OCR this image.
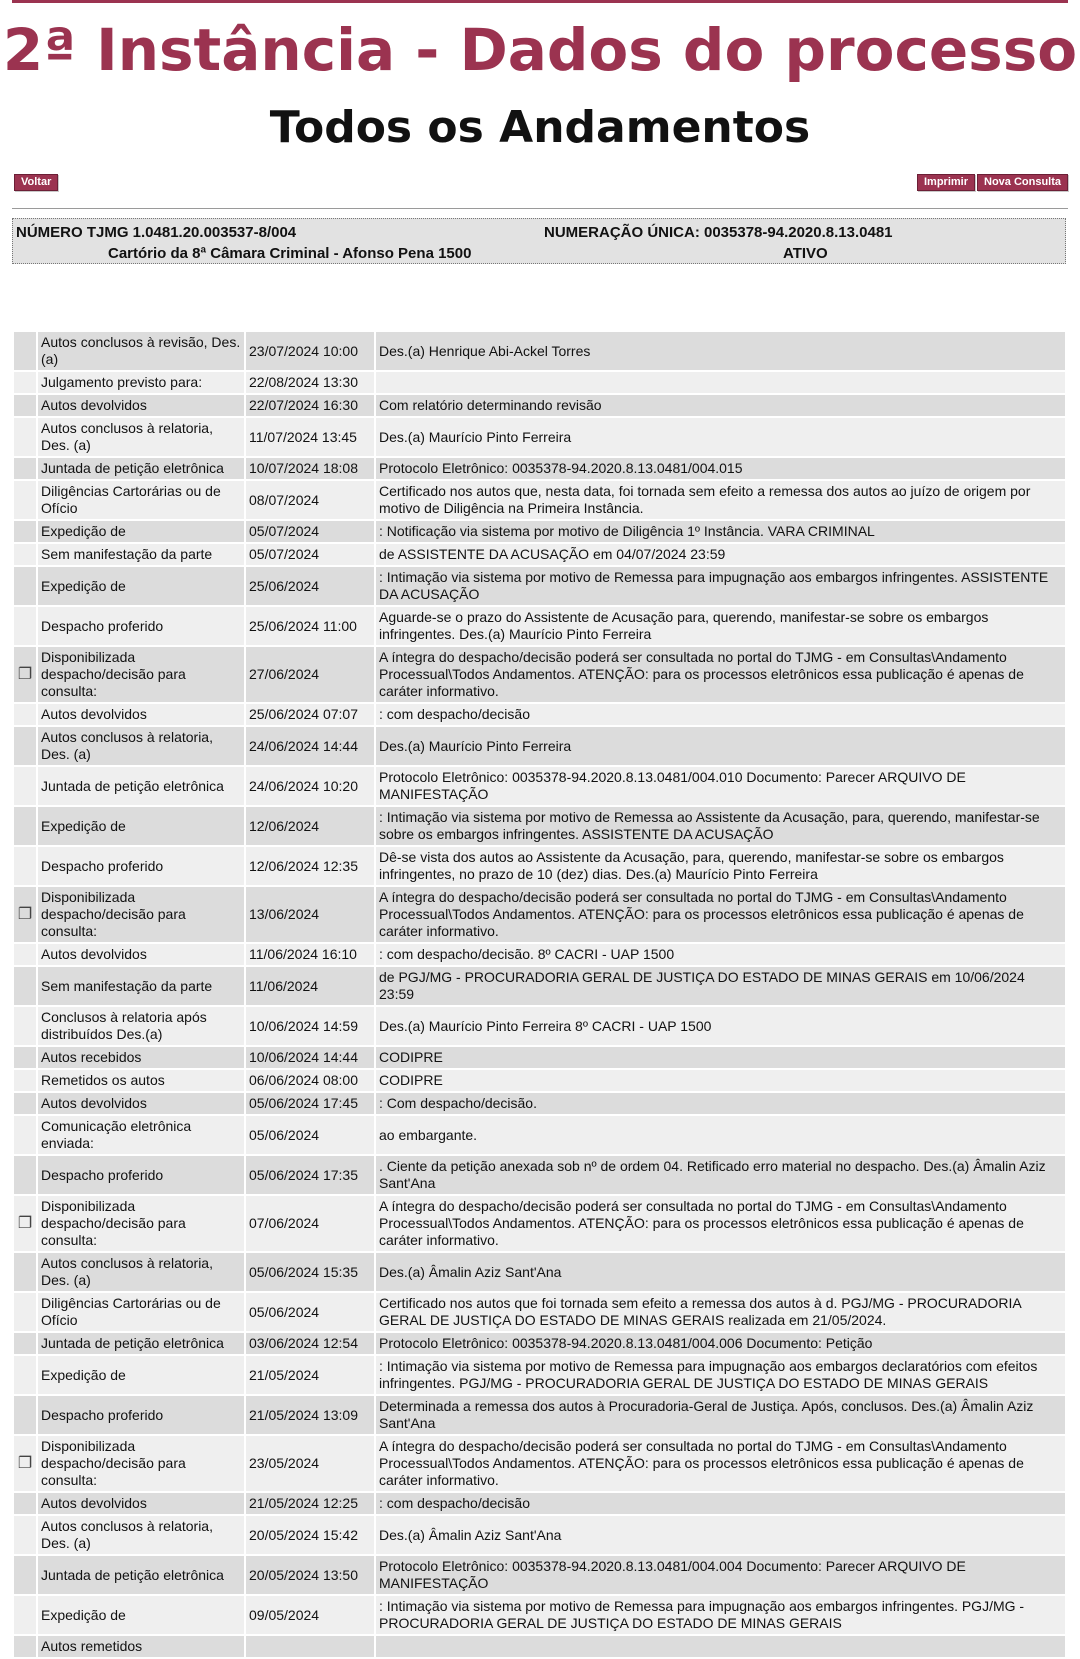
2ª Instância - Dados do processo
Todos os Andamentos
Voltar	Imprimir	Nova Consulta
NÚMERO TJMG 1.0481.20.003537-8/004	NUMERAÇÃO ÚNICA: 0035378-94.2020.8.13.0481
Cartório da 8ª Câmara Criminal - Afonso Pena 1500	ATIVO
	Autos conclusos à revisão, Des.(a)	23/07/2024 10:00	Des.(a) Henrique Abi-Ackel Torres
	Julgamento previsto para:	22/08/2024 13:30	
	Autos devolvidos	22/07/2024 16:30	Com relatório determinando revisão
	Autos conclusos à relatoria, Des. (a)	11/07/2024 13:45	Des.(a) Maurício Pinto Ferreira
	Juntada de petição eletrônica	10/07/2024 18:08	Protocolo Eletrônico: 0035378-94.2020.8.13.0481/004.015
	Diligências Cartorárias ou de Ofício	08/07/2024	Certificado nos autos que, nesta data, foi tornada sem efeito a remessa dos autos ao juízo de origem por motivo de Diligência na Primeira Instância.
	Expedição de	05/07/2024	: Notificação via sistema por motivo de Diligência 1º Instância. VARA CRIMINAL
	Sem manifestação da parte	05/07/2024	de ASSISTENTE DA ACUSAÇÃO em 04/07/2024 23:59
	Expedição de	25/06/2024	: Intimação via sistema por motivo de Remessa para impugnação aos embargos infringentes. ASSISTENTE DA ACUSAÇÃO
	Despacho proferido	25/06/2024 11:00	Aguarde-se o prazo do Assistente de Acusação para, querendo, manifestar-se sobre os embargos infringentes. Des.(a) Maurício Pinto Ferreira
❐	Disponibilizada despacho/decisão para consulta:	27/06/2024	A íntegra do despacho/decisão poderá ser consultada no portal do TJMG - em Consultas\Andamento Processual\Todos Andamentos. ATENÇÃO: para os processos eletrônicos essa publicação é apenas de caráter informativo.
	Autos devolvidos	25/06/2024 07:07	: com despacho/decisão
	Autos conclusos à relatoria, Des. (a)	24/06/2024 14:44	Des.(a) Maurício Pinto Ferreira
	Juntada de petição eletrônica	24/06/2024 10:20	Protocolo Eletrônico: 0035378-94.2020.8.13.0481/004.010 Documento: Parecer ARQUIVO DE MANIFESTAÇÃO
	Expedição de	12/06/2024	: Intimação via sistema por motivo de Remessa ao Assistente da Acusação, para, querendo, manifestar-se sobre os embargos infringentes. ASSISTENTE DA ACUSAÇÃO
	Despacho proferido	12/06/2024 12:35	Dê-se vista dos autos ao Assistente da Acusação, para, querendo, manifestar-se sobre os embargos infringentes, no prazo de 10 (dez) dias. Des.(a) Maurício Pinto Ferreira
❐	Disponibilizada despacho/decisão para consulta:	13/06/2024	A íntegra do despacho/decisão poderá ser consultada no portal do TJMG - em Consultas\Andamento Processual\Todos Andamentos. ATENÇÃO: para os processos eletrônicos essa publicação é apenas de caráter informativo.
	Autos devolvidos	11/06/2024 16:10	: com despacho/decisão. 8º CACRI - UAP 1500
	Sem manifestação da parte	11/06/2024	de PGJ/MG - PROCURADORIA GERAL DE JUSTIÇA DO ESTADO DE MINAS GERAIS em 10/06/2024 23:59
	Conclusos à relatoria após distribuídos Des.(a)	10/06/2024 14:59	Des.(a) Maurício Pinto Ferreira 8º CACRI - UAP 1500
	Autos recebidos	10/06/2024 14:44	CODIPRE
	Remetidos os autos	06/06/2024 08:00	CODIPRE
	Autos devolvidos	05/06/2024 17:45	: Com despacho/decisão.
	Comunicação eletrônica enviada:	05/06/2024	ao embargante.
	Despacho proferido	05/06/2024 17:35	. Ciente da petição anexada sob nº de ordem 04. Retificado erro material no despacho. Des.(a) Âmalin Aziz Sant'Ana
❐	Disponibilizada despacho/decisão para consulta:	07/06/2024	A íntegra do despacho/decisão poderá ser consultada no portal do TJMG - em Consultas\Andamento Processual\Todos Andamentos. ATENÇÃO: para os processos eletrônicos essa publicação é apenas de caráter informativo.
	Autos conclusos à relatoria, Des. (a)	05/06/2024 15:35	Des.(a) Âmalin Aziz Sant'Ana
	Diligências Cartorárias ou de Ofício	05/06/2024	Certificado nos autos que foi tornada sem efeito a remessa dos autos à d. PGJ/MG - PROCURADORIA GERAL DE JUSTIÇA DO ESTADO DE MINAS GERAIS realizada em 21/05/2024.
	Juntada de petição eletrônica	03/06/2024 12:54	Protocolo Eletrônico: 0035378-94.2020.8.13.0481/004.006 Documento: Petição
	Expedição de	21/05/2024	: Intimação via sistema por motivo de Remessa para impugnação aos embargos declaratórios com efeitos infringentes. PGJ/MG - PROCURADORIA GERAL DE JUSTIÇA DO ESTADO DE MINAS GERAIS
	Despacho proferido	21/05/2024 13:09	Determinada a remessa dos autos à Procuradoria-Geral de Justiça. Após, conclusos. Des.(a) Âmalin Aziz Sant'Ana
❐	Disponibilizada despacho/decisão para consulta:	23/05/2024	A íntegra do despacho/decisão poderá ser consultada no portal do TJMG - em Consultas\Andamento Processual\Todos Andamentos. ATENÇÃO: para os processos eletrônicos essa publicação é apenas de caráter informativo.
	Autos devolvidos	21/05/2024 12:25	: com despacho/decisão
	Autos conclusos à relatoria, Des. (a)	20/05/2024 15:42	Des.(a) Âmalin Aziz Sant'Ana
	Juntada de petição eletrônica	20/05/2024 13:50	Protocolo Eletrônico: 0035378-94.2020.8.13.0481/004.004 Documento: Parecer ARQUIVO DE MANIFESTAÇÃO
	Expedição de	09/05/2024	: Intimação via sistema por motivo de Remessa para impugnação aos embargos infringentes. PGJ/MG - PROCURADORIA GERAL DE JUSTIÇA DO ESTADO DE MINAS GERAIS
	Autos remetidos		
